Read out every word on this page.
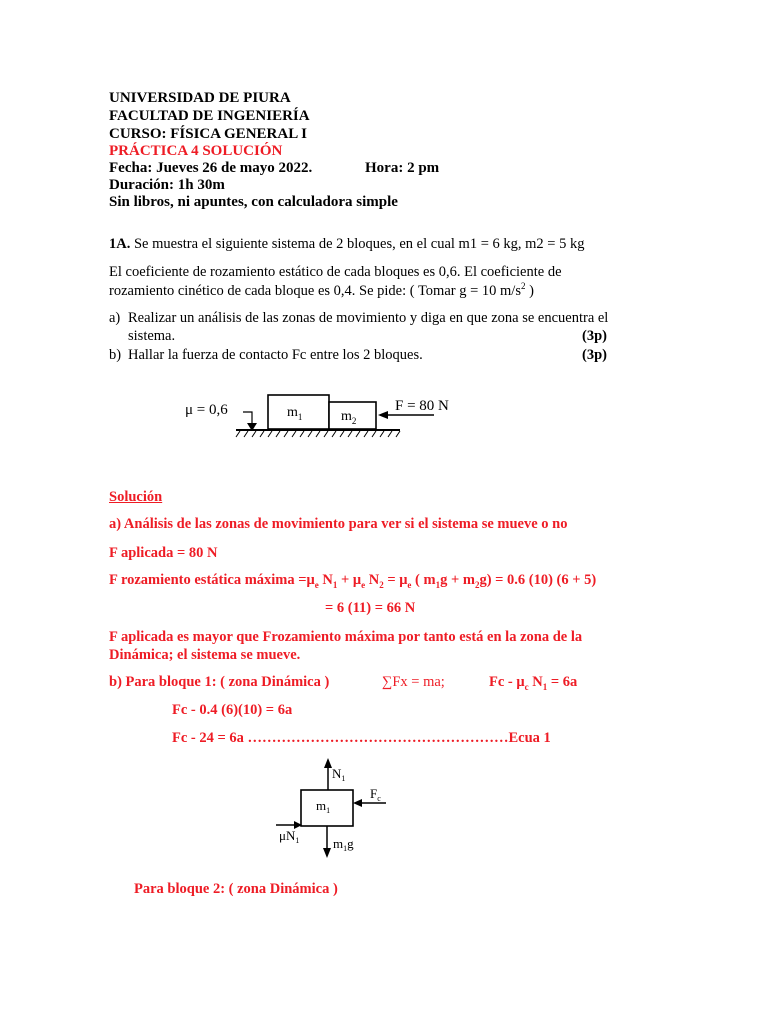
UNIVERSIDAD DE PIURA
FACULTAD DE INGENIERÍA
CURSO: FÍSICA GENERAL I
PRÁCTICA 4 SOLUCIÓN
Fecha: Jueves 26 de mayo 2022.	Hora: 2 pm
Duración: 1h 30m
Sin libros, ni apuntes, con calculadora simple
1A. Se muestra el siguiente sistema de 2 bloques, en el cual m1 = 6 kg, m2 = 5 kg
El coeficiente de rozamiento estático de cada bloques es 0,6. El coeficiente de
rozamiento cinético de cada bloque es 0,4. Se pide: ( Tomar g = 10 $m/s^2$ )
a) Realizar un análisis de las zonas de movimiento y diga en que zona se encuentra el
sistema.	(3p)
b) Hallar la fuerza de contacto Fc entre los 2 bloques.	(3p)
μ = 0,6	$m_1$	$m_2$
F = 80 N
Solución
a) Análisis de las zonas de movimiento para ver si el sistema se mueve o no
F aplicada = 80 N
F rozamiento estática máxima $=\mu_e$ $N_1 + \mu_e$ $N_2 = \mu_e$ ( $m_1g + m_2g) = 0.6$ (10) (6 + 5)
= 6 (11) = 66 N
F aplicada es mayor que Frozamiento máxima por tanto está en la zona de la
Dinámica; el sistema se mueve.
b) Para bloque 1: ( zona Dinámica )	∑Fx = ma;	Fc - $\mu_c$ $N_1 = 6a$
Fc - 0.4 (6)(10) = 6a
Fc - 24 = 6a ………………………………………………Ecua 1
$N_1$
$m_1$
$F_c$
$\mu N_1$	$m_1g$
Para bloque 2: ( zona Dinámica )
